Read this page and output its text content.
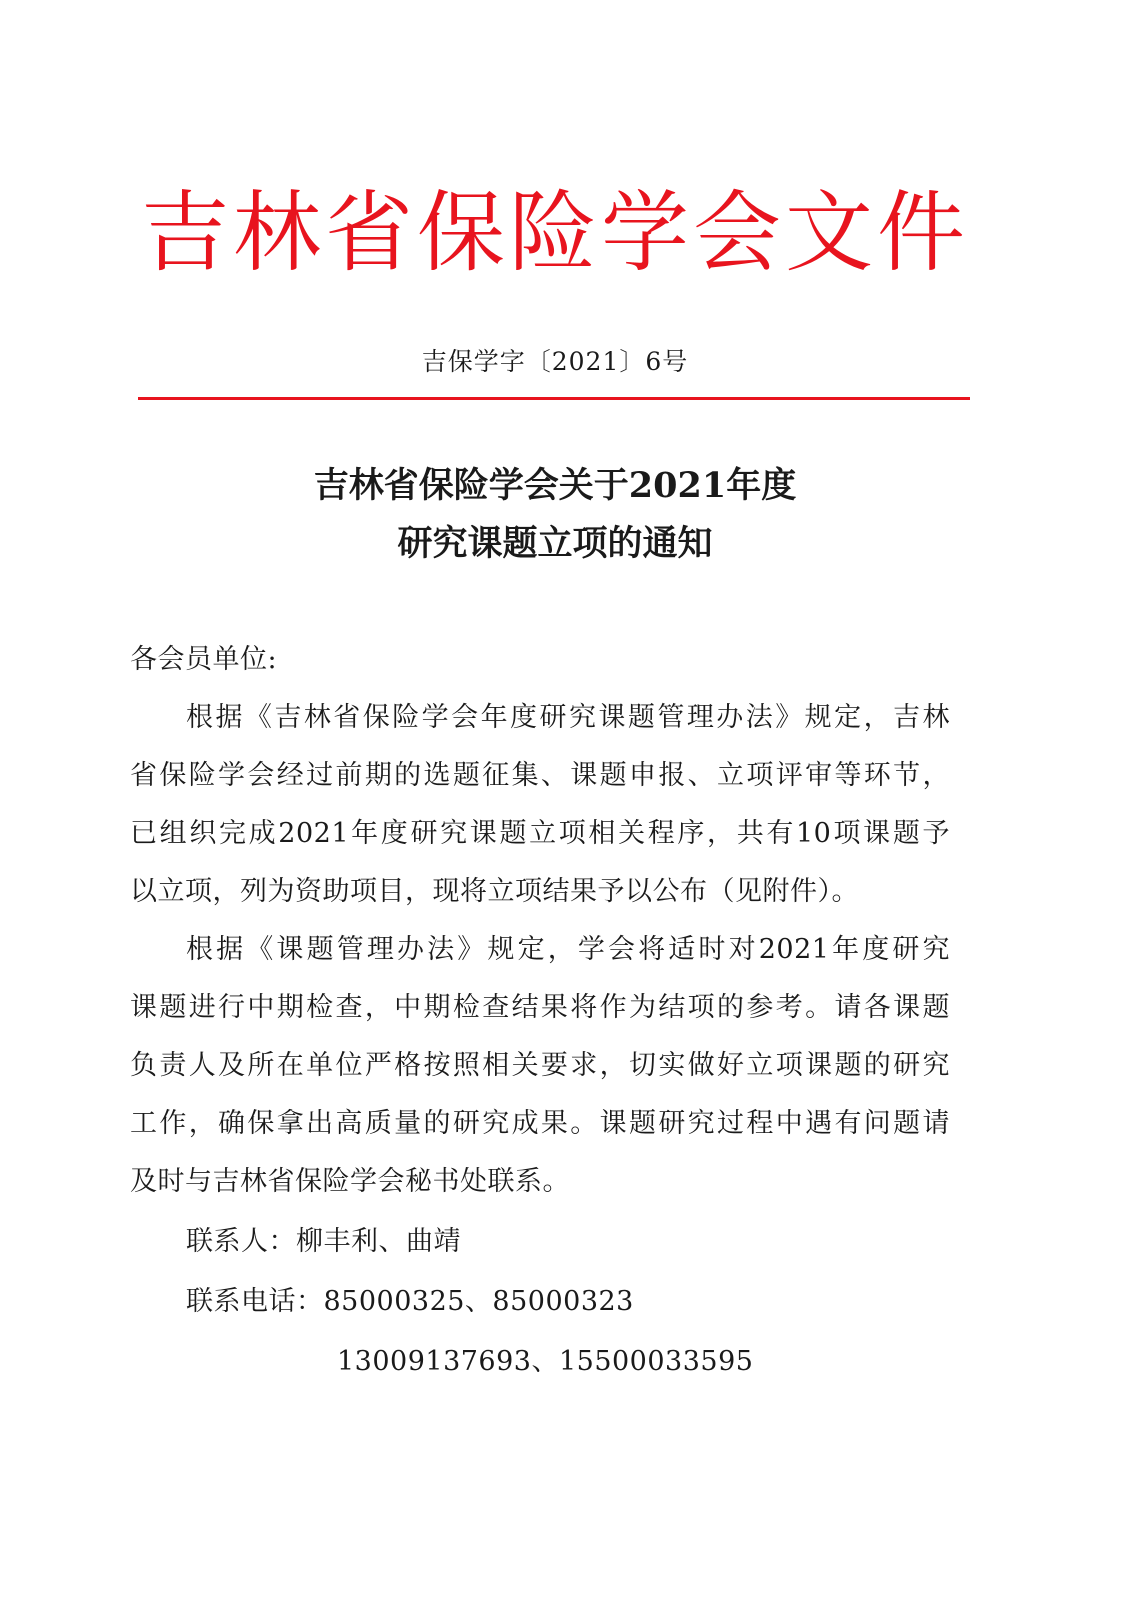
吉林省保险学会文件
吉保学字〔2021〕6号
吉林省保险学会关于2021年度
研究课题立项的通知
各会员单位:
根据《吉林省保险学会年度研究课题管理办法》规定，吉林
省保险学会经过前期的选题征集、课题申报、立项评审等环节，
已组织完成2021年度研究课题立项相关程序，共有10项课题予
以立项，列为资助项目，现将立项结果予以公布（见附件）。
根据《课题管理办法》规定，学会将适时对2021年度研究
课题进行中期检查，中期检查结果将作为结项的参考。请各课题
负责人及所在单位严格按照相关要求，切实做好立项课题的研究
工作，确保拿出高质量的研究成果。课题研究过程中遇有问题请
及时与吉林省保险学会秘书处联系。
联系人：柳丰利、曲靖
联系电话：85000325、85000323
13009137693、15500033595
